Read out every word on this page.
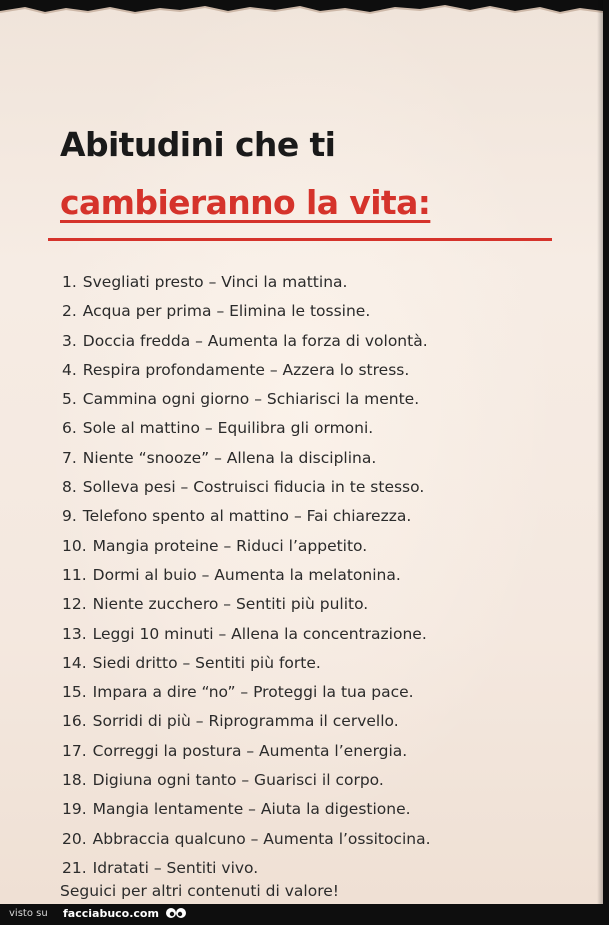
Abitudini che ti
cambieranno la vita:
1. Svegliati presto – Vinci la mattina.
2. Acqua per prima – Elimina le tossine.
3. Doccia fredda – Aumenta la forza di volontà.
4. Respira profondamente – Azzera lo stress.
5. Cammina ogni giorno – Schiarisci la mente.
6. Sole al mattino – Equilibra gli ormoni.
7. Niente “snooze” – Allena la disciplina.
8. Solleva pesi – Costruisci fiducia in te stesso.
9. Telefono spento al mattino – Fai chiarezza.
10. Mangia proteine – Riduci l’appetito.
11. Dormi al buio – Aumenta la melatonina.
12. Niente zucchero – Sentiti più pulito.
13. Leggi 10 minuti – Allena la concentrazione.
14. Siedi dritto – Sentiti più forte.
15. Impara a dire “no” – Proteggi la tua pace.
16. Sorridi di più – Riprogramma il cervello.
17. Correggi la postura – Aumenta l’energia.
18. Digiuna ogni tanto – Guarisci il corpo.
19. Mangia lentamente – Aiuta la digestione.
20. Abbraccia qualcuno – Aumenta l’ossitocina.
21. Idratati – Sentiti vivo.

Seguici per altri contenuti di valore!

visto su facciabuco.com
